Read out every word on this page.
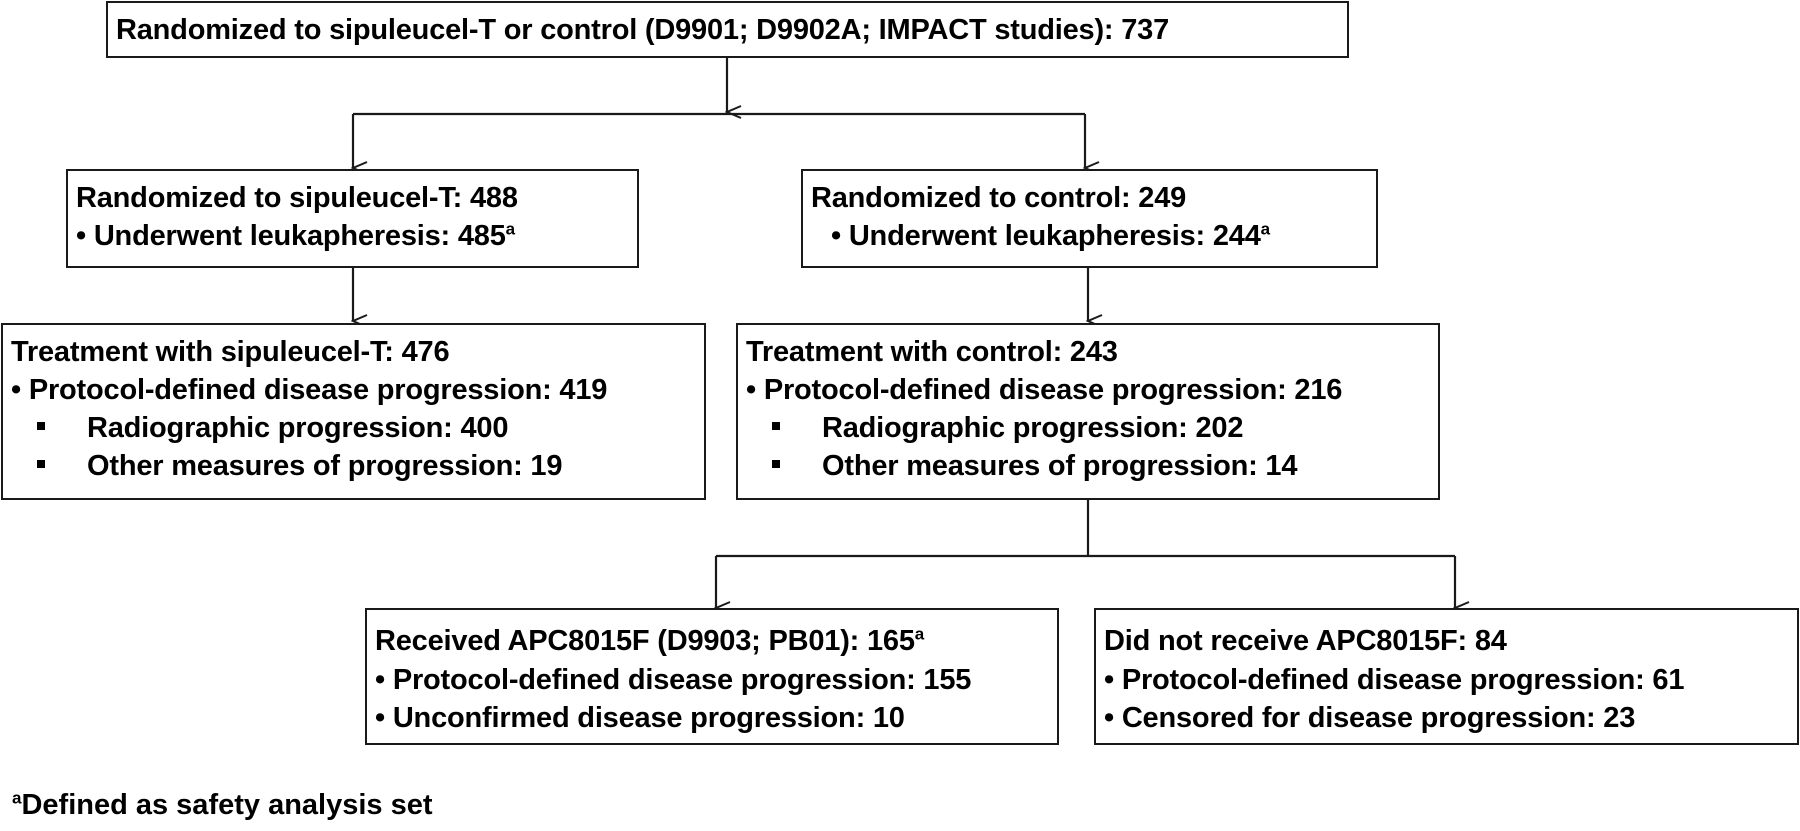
Randomized to sipuleucel-T or control (D9901; D9902A; IMPACT studies): 737
Randomized to sipuleucel-T: 488
• Underwent leukapheresis: 485$^a$
Randomized to control: 249
• Underwent leukapheresis: 244$^a$
Treatment with sipuleucel-T: 476
• Protocol-defined disease progression: 419
Radiographic progression: 400
Other measures of progression: 19
Treatment with control: 243
• Protocol-defined disease progression: 216
Radiographic progression: 202
Other measures of progression: 14
Received APC8015F (D9903; PB01): 165$^a$
• Protocol-defined disease progression: 155
• Unconfirmed disease progression: 10
Did not receive APC8015F: 84
• Protocol-defined disease progression: 61
• Censored for disease progression: 23
$^a$Defined as safety analysis set
